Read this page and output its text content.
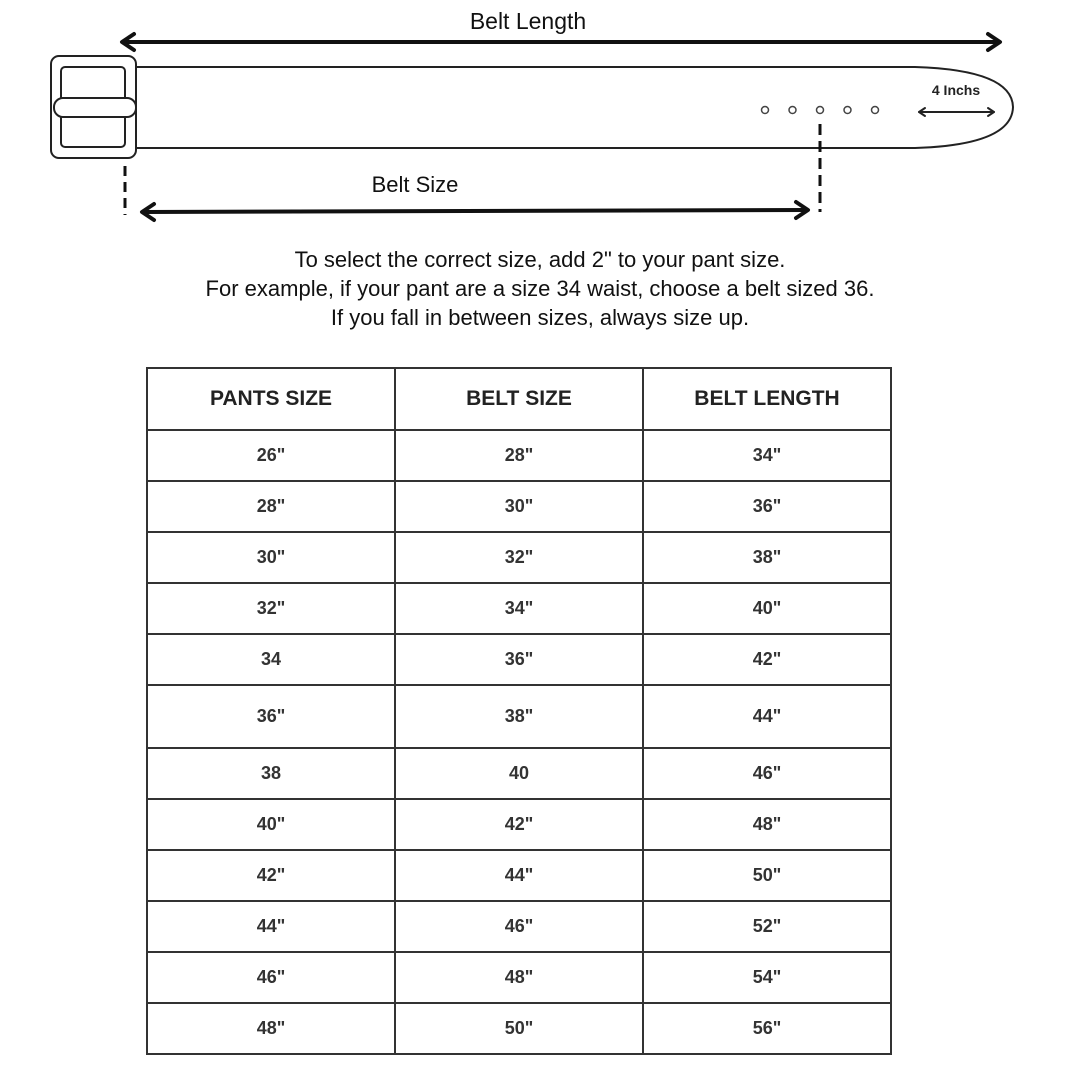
Belt Length
Belt Size
4 Inchs
To select the correct size, add 2" to your pant size.
For example, if your pant are a size 34 waist, choose a belt sized 36.
If you fall in between sizes, always size up.
PANTS SIZE	BELT SIZE	BELT LENGTH
26"	28"	34"
28"	30"	36"
30"	32"	38"
32"	34"	40"
34	36"	42"
36"	38"	44"
38	40	46"
40"	42"	48"
42"	44"	50"
44"	46"	52"
46"	48"	54"
48"	50"	56"
